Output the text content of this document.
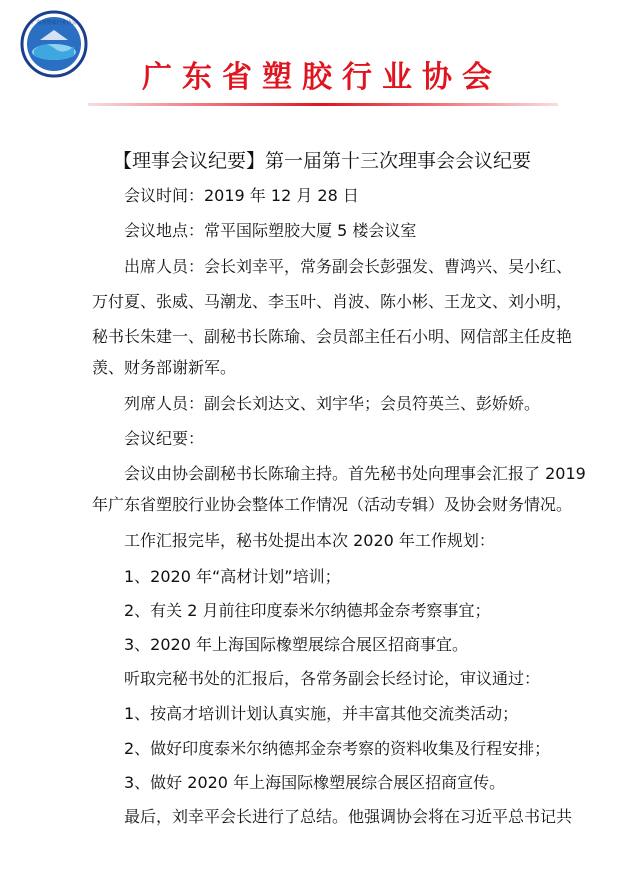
广东省塑胶行业协会
广东省塑胶行业协会
【理事会议纪要】第一届第十三次理事会会议纪要
会议时间：2019 年 12 月 28 日
会议地点：常平国际塑胶大厦 5 楼会议室
出席人员：会长刘幸平，常务副会长彭强发、曹鸿兴、吴小红、
万付夏、张威、马潮龙、李玉叶、肖波、陈小彬、王龙文、刘小明，
秘书长朱建一、副秘书长陈瑜、会员部主任石小明、网信部主任皮艳
羡、财务部谢新军。
列席人员：副会长刘达文、刘宇华；会员符英兰、彭娇娇。
会议纪要：
会议由协会副秘书长陈瑜主持。首先秘书处向理事会汇报了 2019
年广东省塑胶行业协会整体工作情况（活动专辑）及协会财务情况。
工作汇报完毕，秘书处提出本次 2020 年工作规划：
1、2020 年“高材计划”培训；
2、有关 2 月前往印度泰米尔纳德邦金奈考察事宜；
3、2020 年上海国际橡塑展综合展区招商事宜。
听取完秘书处的汇报后，各常务副会长经讨论，审议通过：
1、按高才培训计划认真实施，并丰富其他交流类活动；
2、做好印度泰米尔纳德邦金奈考察的资料收集及行程安排；
3、做好 2020 年上海国际橡塑展综合展区招商宣传。
最后，刘幸平会长进行了总结。他强调协会将在习近平总书记共
